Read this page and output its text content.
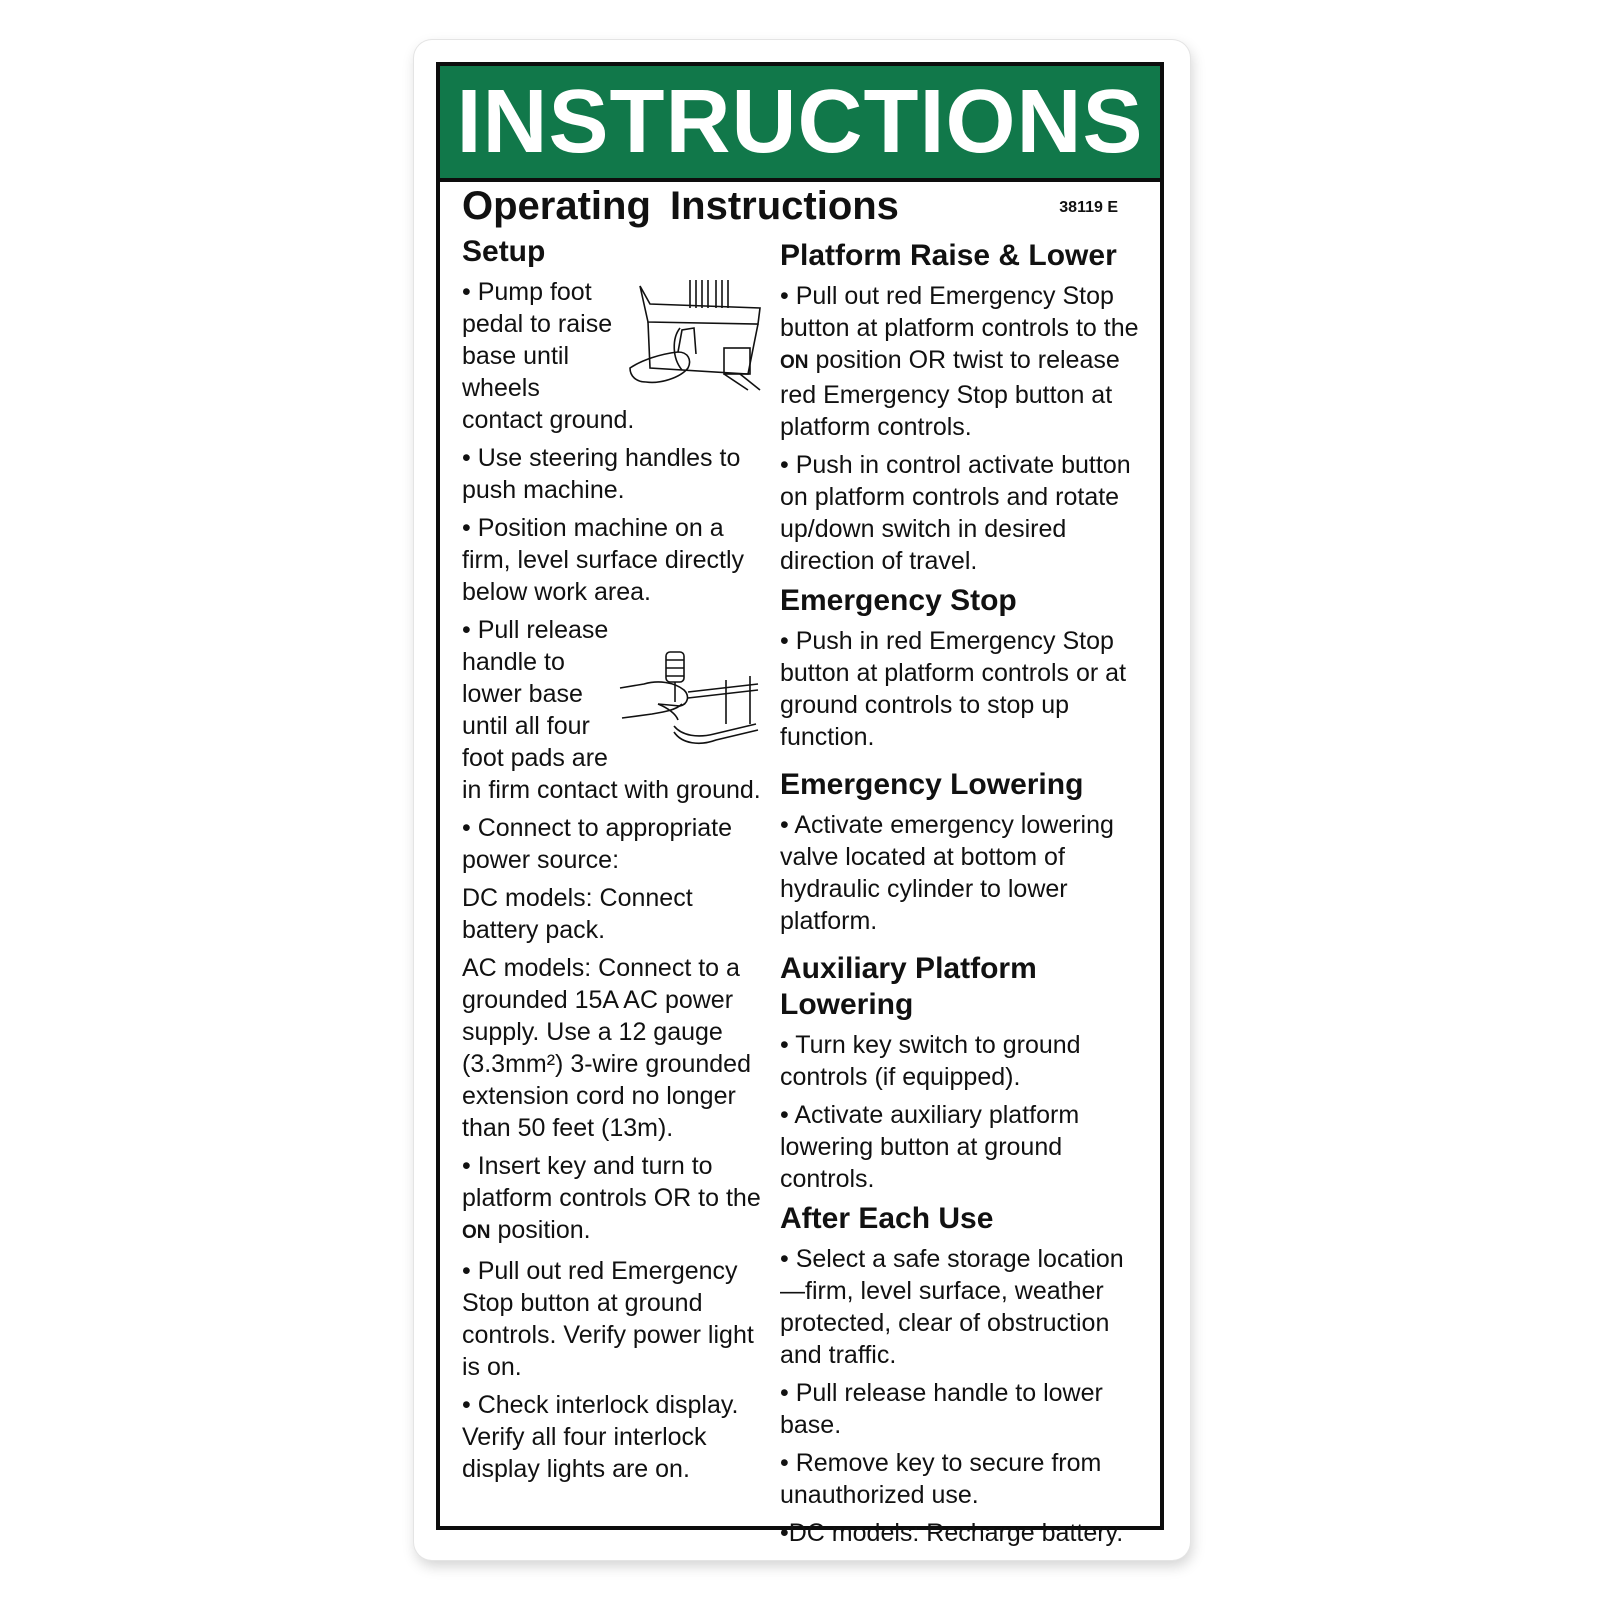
INSTRUCTIONS
Operating Instructions	38119 E
Setup
• Pump foot pedal to raise base until wheels contact ground.
• Use steering handles to push machine.
• Position machine on a firm, level surface directly below work area.
• Pull release handle to lower base until all four foot pads are in firm contact with ground.
• Connect to appropriate power source:
DC models: Connect battery pack.
AC models: Connect to a grounded 15A AC power supply. Use a 12 gauge (3.3mm²) 3-wire grounded extension cord no longer than 50 feet (13m).
• Insert key and turn to platform controls OR to the ON position.
• Pull out red Emergency Stop button at ground controls. Verify power light is on.
• Check interlock display. Verify all four interlock display lights are on.
Platform Raise & Lower
• Pull out red Emergency Stop button at platform controls to the ON position OR twist to release red Emergency Stop button at platform controls.
• Push in control activate button on platform controls and rotate up/down switch in desired direction of travel.
Emergency Stop
• Push in red Emergency Stop button at platform controls or at ground controls to stop up function.
Emergency Lowering
• Activate emergency lowering valve located at bottom of hydraulic cylinder to lower platform.
Auxiliary Platform Lowering
• Turn key switch to ground controls (if equipped).
• Activate auxiliary platform lowering button at ground controls.
After Each Use
• Select a safe storage location—firm, level surface, weather protected, clear of obstruction and traffic.
• Pull release handle to lower base.
• Remove key to secure from unauthorized use.
•DC models: Recharge battery.
